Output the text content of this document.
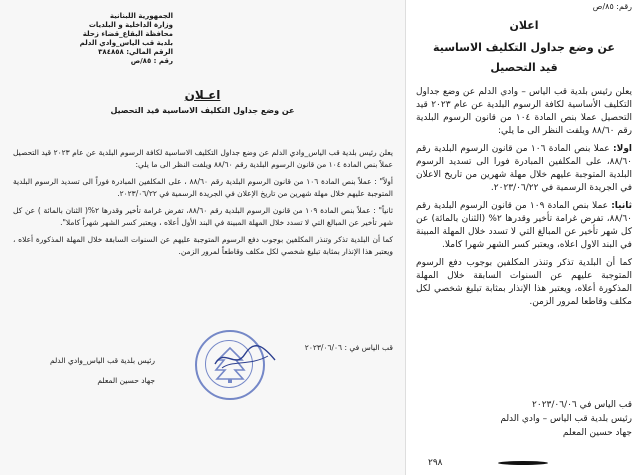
الجمهورية اللبنانية
وزارة الداخلية و البلديات
محافظة البقاع_قضاء زحلة
بلدية قب الياس_وادي الدلم
الرقم المالي: ٣٨٤٨٥٨
رقم : ٨٥/ص
اعـلان
عن وضع جداول التكليف الاساسية قيد التحصيل

يعلن رئيس بلدية قب الياس_وادي الدلم عن وضع جداول التكليف الاساسية لكافة الرسوم البلدية عن عام ٢٠٢٣ قيد التحصيل عملاً بنص المادة ١٠٤ من قانون الرسوم البلدية رقم ٨٨/٦٠ ويلفت النظر الى ما يلي:

أولاً" : عملاً بنص المادة ١٠٦ من قانون الرسوم البلدية رقم ٨٨/٦٠ ، على المكلفين المبادرة فوراً الى تسديد الرسوم البلدية المتوجبة عليهم خلال مهلة شهرين من تاريخ الإعلان في الجريدة الرسمية في ٢٠٢٣/٠٦/٢٢.

ثانياً" : عملاً بنص المادة ١٠٩ من قانون الرسوم البلدية رقم ٨٨/٦٠، تفرض غرامة تأخير وقدرها ٢%( الثنان بالمائة ) عن كل شهر تأخير عن المبالغ التي لا تسدد خلال المهلة المبينة في البند الأول أعلاه ، ويعتبر كسر الشهر شهراً كاملا".

كما أن البلدية تذكر وتنذر المكلفين بوجوب دفع الرسوم المتوجبة عليهم عن السنوات السابقة خلال المهلة المذكورة أعلاه ، ويعتبر هذا الإنذار بمثابة تبليغ شخصي لكل مكلف وقاطعاً لمرور الزمن.

قب الياس في : ٢٠٢٣/٠٦/٠٦
رئيس بلدية قب الياس_وادي الدلم
جهاد حسين المعلم
رقم: ٨٥/ص
اعلان
عن وضع جداول التكليف الاساسية
قيد التحصيل

يعلن رئيس بلدية قب الياس – وادي الدلم عن وضع جداول التكليف الأساسية لكافة الرسوم البلدية عن عام ٢٠٢٣ قيد التحصيل عملا بنص المادة ١٠٤ من قانون الرسوم البلدية رقم ٨٨/٦٠ ويلفت النظر الى ما يلي:

اولا: عملا بنص المادة ١٠٦ من قانون الرسوم البلدية رقم ٨٨/٦٠، على المكلفين المبادرة فورا الى تسديد الرسوم البلدية المتوجبة عليهم خلال مهلة شهرين من تاريخ الاعلان في الجريدة الرسمية في ٢٠٢٣/٠٦/٢٢.

ثانيا: عملا بنص المادة ١٠٩ من قانون الرسوم البلدية رقم ٨٨/٦٠، تفرض غرامة تأخير وقدرها ٢% (الثنان بالمائة) عن كل شهر تأخير عن المبالغ التي لا تسدد خلال المهلة المبينة في البند الاول اعلاه، ويعتبر كسر الشهر شهرا كاملا.

كما أن البلدية تذكر وتنذر المكلفين بوجوب دفع الرسوم المتوجبة عليهم عن السنوات السابقة خلال المهلة المذكورة أعلاه، ويعتبر هذا الإنذار بمثابة تبليغ شخصي لكل مكلف وقاطعا لمرور الزمن.

قب الياس في ٢٠٢٣/٠٦/٠٦
رئيس بلدية قب الياس – وادي الدلم
جهاد حسين المعلم
٢٩٨
